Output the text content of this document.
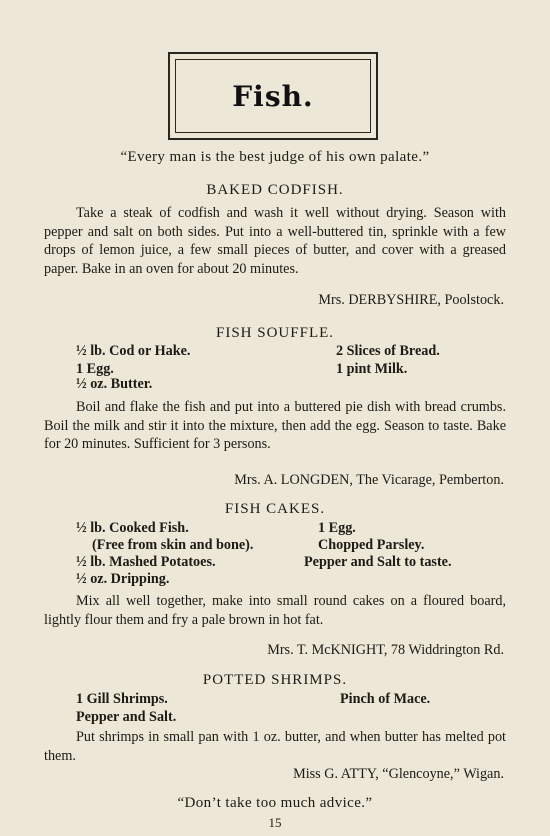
Fish.
“Every man is the best judge of his own palate.”
BAKED CODFISH.
Take a steak of codfish and wash it well without drying. Season with pepper and salt on both sides. Put into a well-buttered tin, sprinkle with a few drops of lemon juice, a few small pieces of butter, and cover with a greased paper. Bake in an oven for about 20 minutes.
Mrs. DERBYSHIRE, Poolstock.
FISH SOUFFLE.
½ lb. Cod or Hake.
1 Egg.
½ oz. Butter.
2 Slices of Bread.
1 pint Milk.
Boil and flake the fish and put into a buttered pie dish with bread crumbs. Boil the milk and stir it into the mixture, then add the egg. Season to taste. Bake for 20 minutes. Sufficient for 3 persons.
Mrs. A. LONGDEN, The Vicarage, Pemberton.
FISH CAKES.
½ lb. Cooked Fish.
(Free from skin and bone).
½ lb. Mashed Potatoes.
½ oz. Dripping.
1 Egg.
Chopped Parsley.
Pepper and Salt to taste.
Mix all well together, make into small round cakes on a floured board, lightly flour them and fry a pale brown in hot fat.
Mrs. T. McKNIGHT, 78 Widdrington Rd.
POTTED SHRIMPS.
1 Gill Shrimps.
Pepper and Salt.
Pinch of Mace.
Put shrimps in small pan with 1 oz. butter, and when butter has melted pot them.
Miss G. ATTY, “Glencoyne,” Wigan.
“Don’t take too much advice.”
15
